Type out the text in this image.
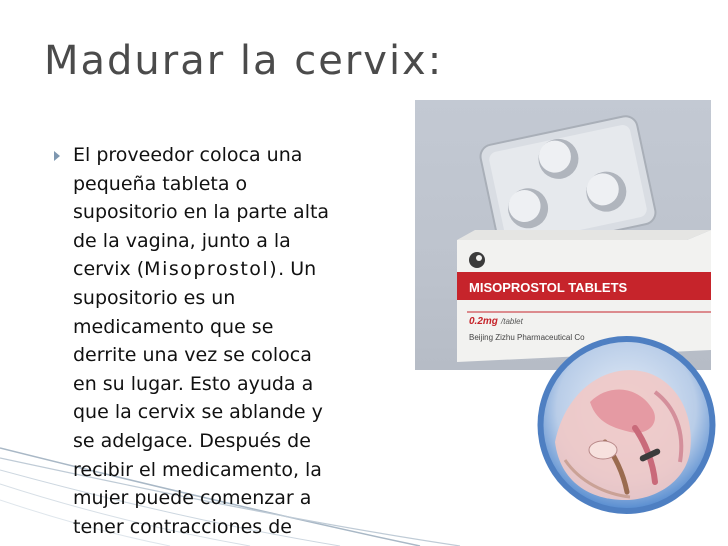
Madurar la cervix:
El proveedor coloca una
pequeña tableta o
supositorio en la parte alta
de la vagina, junto a la
cervix (Misoprostol). Un
supositorio es un
medicamento que se
derrite una vez se coloca
en su lugar. Esto ayuda a
que la cervix se ablande y
se adelgace. Después de
recibir el medicamento, la
mujer puede comenzar a
tener contracciones de
MISOPROSTOL TABLETS
0.2mg /tablet
Beijing Zizhu Pharmaceutical Co
